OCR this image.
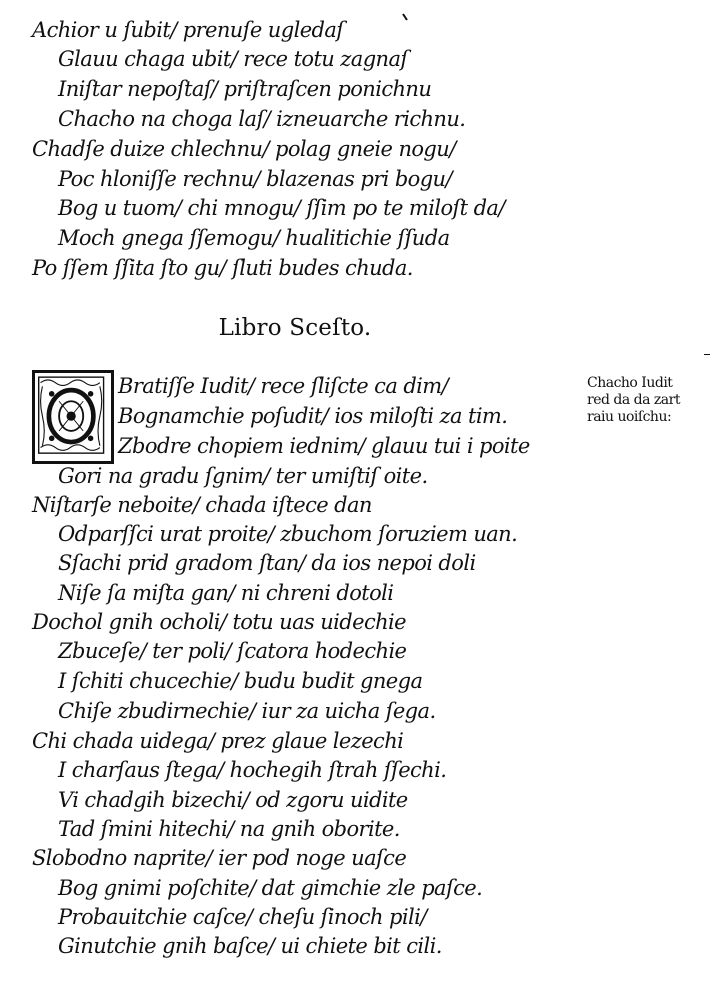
Achior u ſubit/ prenuſe ugledaſ
Glauu chaga ubit/ rece totu zagnaſ
Iniſtar nepoſtaſ/ priſtraſcen ponichnu
Chacho na choga laſ/ izneuarche richnu.
Chadſe duize chlechnu/ polag gneie nogu/
Poc hloniſſe rechnu/ blazenas pri bogu/
Bog u tuom/ chi mnogu/ ſſim po te miloſt da/
Moch gnega ſſemogu/ hualitichie ſſuda
Po ſſem ſſita ſto gu/ ſluti budes chuda.
Libro Sceſto.
Bratiſſe Iudit/ rece ſliſcte ca dim/
Bognamchie poſudit/ ios miloſti za tim.
Zbodre chopiem iednim/ glauu tui i poite
Gori na gradu ſgnim/ ter umiſtiſ oite.
Niſtarſe neboite/ chada iſtece dan
Odparſſci urat proite/ zbuchom ſoruziem uan.
Sſachi prid gradom ſtan/ da ios nepoi doli
Niſe ſa miſta gan/ ni chreni dotoli
Dochol gnih ocholi/ totu uas uidechie
Zbuceſe/ ter poli/ ſcatora hodechie
I ſchiti chucechie/ budu budit gnega
Chiſe zbudirnechie/ iur za uicha ſega.
Chi chada uidega/ prez glaue lezechi
I charſaus ſtega/ hochegih ſtrah ſſechi.
Vi chadgih bizechi/ od zgoru uidite
Tad ſmini hitechi/ na gnih oborite.
Slobodno naprite/ ier pod noge uaſce
Bog gnimi poſchite/ dat gimchie zle paſce.
Probauitchie caſce/ cheſu ſinoch pili/
Ginutchie gnih baſce/ ui chiete bit cili.
Chacho Iudit
red da da zart
raiu uoiſchu:
